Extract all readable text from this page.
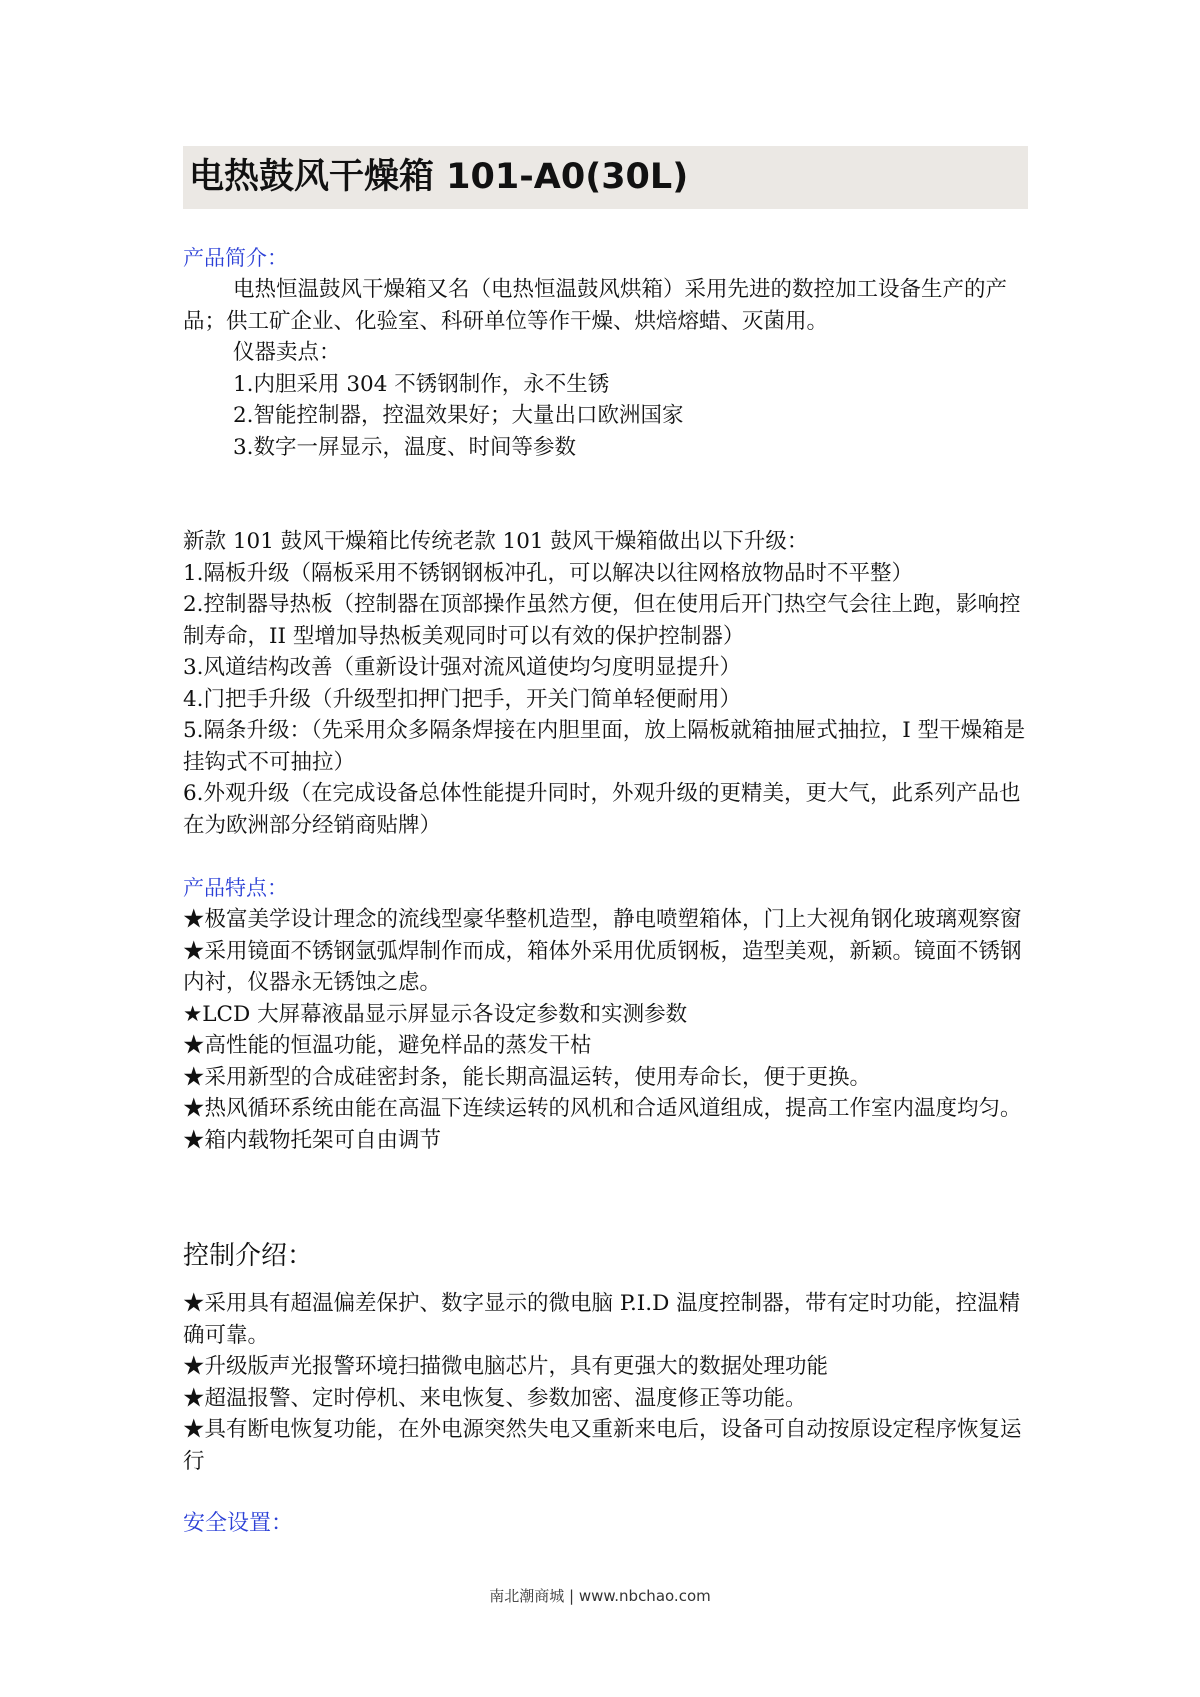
电热鼓风干燥箱 101-A0(30L)

产品简介：

电热恒温鼓风干燥箱又名（电热恒温鼓风烘箱）采用先进的数控加工设备生产的产品；供工矿企业、化验室、科研单位等作干燥、烘焙熔蜡、灭菌用。

仪器卖点：

1.内胆采用 304 不锈钢制作，永不生锈

2.智能控制器，控温效果好；大量出口欧洲国家

3.数字一屏显示，温度、时间等参数

新款 101 鼓风干燥箱比传统老款 101 鼓风干燥箱做出以下升级：

1.隔板升级（隔板采用不锈钢钢板冲孔，可以解决以往网格放物品时不平整）

2.控制器导热板（控制器在顶部操作虽然方便，但在使用后开门热空气会往上跑，影响控制寿命，II 型增加导热板美观同时可以有效的保护控制器）

3.风道结构改善（重新设计强对流风道使均匀度明显提升）

4.门把手升级（升级型扣押门把手，开关门简单轻便耐用）

5.隔条升级：（先采用众多隔条焊接在内胆里面，放上隔板就箱抽屉式抽拉，I 型干燥箱是挂钩式不可抽拉）

6.外观升级（在完成设备总体性能提升同时，外观升级的更精美，更大气，此系列产品也在为欧洲部分经销商贴牌）

产品特点：

★极富美学设计理念的流线型豪华整机造型，静电喷塑箱体，门上大视角钢化玻璃观察窗

★采用镜面不锈钢氩弧焊制作而成，箱体外采用优质钢板，造型美观，新颖。镜面不锈钢内衬，仪器永无锈蚀之虑。

★LCD 大屏幕液晶显示屏显示各设定参数和实测参数

★高性能的恒温功能，避免样品的蒸发干枯

★采用新型的合成硅密封条，能长期高温运转，使用寿命长，便于更换。

★热风循环系统由能在高温下连续运转的风机和合适风道组成，提高工作室内温度均匀。

★箱内载物托架可自由调节

控制介绍：

★采用具有超温偏差保护、数字显示的微电脑 P.I.D 温度控制器，带有定时功能，控温精确可靠。

★升级版声光报警环境扫描微电脑芯片，具有更强大的数据处理功能

★超温报警、定时停机、来电恢复、参数加密、温度修正等功能。

★具有断电恢复功能，在外电源突然失电又重新来电后，设备可自动按原设定程序恢复运行

安全设置：

南北潮商城 | www.nbchao.com
